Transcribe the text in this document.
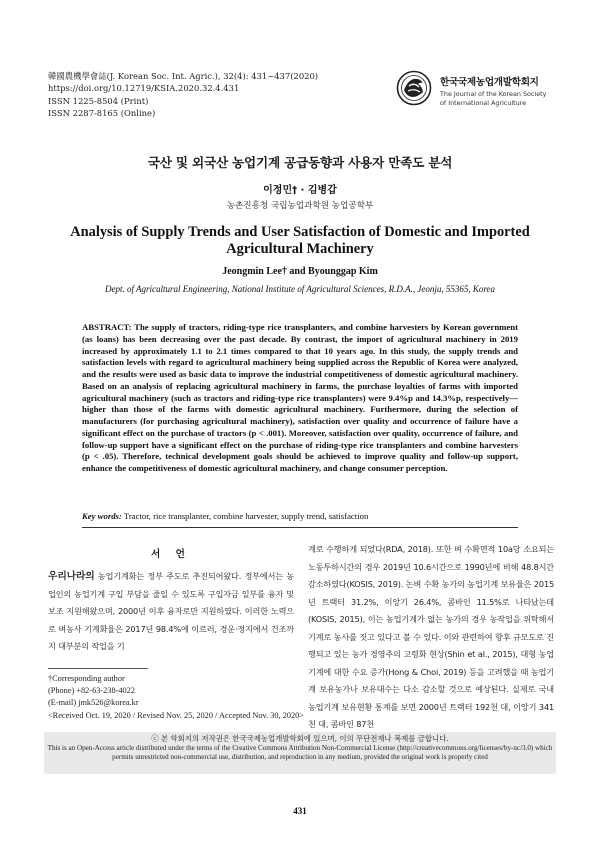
韓國農機學會誌(J. Korean Soc. Int. Agric.), 32(4): 431~437(2020)
https://doi.org/10.12719/KSIA.2020.32.4.431
ISSN 1225-8504 (Print)
ISSN 2287-8165 (Online)
한국국제농업개발학회지
The Journal of the Korean Society
of International Agriculture
국산 및 외국산 농업기계 공급동향과 사용자 만족도 분석
이정민† · 김병갑
농촌진흥청 국립농업과학원 농업공학부
Analysis of Supply Trends and User Satisfaction of Domestic and Imported Agricultural Machinery
Jeongmin Lee† and Byounggap Kim
Dept. of Agricultural Engineering, National Institute of Agricultural Sciences, R.D.A., Jeonju, 55365, Korea
ABSTRACT: The supply of tractors, riding-type rice transplanters, and combine harvesters by Korean government (as loans) has been decreasing over the past decade. By contrast, the import of agricultural machinery in 2019 increased by approximately 1.1 to 2.1 times compared to that 10 years ago. In this study, the supply trends and satisfaction levels with regard to agricultural machinery being supplied across the Republic of Korea were analyzed, and the results were used as basic data to improve the industrial competitiveness of domestic agricultural machinery. Based on an analysis of replacing agricultural machinery in farms, the purchase loyalties of farms with imported agricultural machinery (such as tractors and riding-type rice transplanters) were 9.4%p and 14.3%p, respectively—higher than those of the farms with domestic agricultural machinery. Furthermore, during the selection of manufacturers (for purchasing agricultural machinery), satisfaction over quality and occurrence of failure have a significant effect on the purchase of tractors (p < .001). Moreover, satisfaction over quality, occurrence of failure, and follow-up support have a significant effect on the purchase of riding-type rice transplanters and combine harvesters (p < .05). Therefore, technical development goals should be achieved to improve quality and follow-up support, enhance the competitiveness of domestic agricultural machinery, and change consumer perception.
Key words: Tractor, rice transplanter, combine harvester, supply trend, satisfaction
서 언
우리나라의 농업기계화는 정부 주도로 추진되어왔다. 정부에서는 농업인의 농업기계 구입 부담을 줄일 수 있도록 구입자금 일부를 융자 및 보조 지원해왔으며, 2000년 이후 융자로만 지원하였다. 이러한 노력으로 벼농사 기계화율은 2017년 98.4%에 이르러, 경운·정지에서 건조까지 대부분의 작업을 기
계로 수행하게 되었다(RDA, 2018). 또한 벼 수확면적 10a당 소요되는 노동투하시간의 경우 2019년 10.6시간으로 1990년에 비해 48.8시간 감소하였다(KOSIS, 2019). 논벼 수확 농가의 농업기계 보유율은 2015년 트랙터 31.2%, 이앙기 26.4%, 콤바인 11.5%로 나타났는데(KOSIS, 2015), 이는 농업기계가 없는 농가의 경우 농작업을 위탁해서 기계로 농사를 짓고 있다고 볼 수 있다. 이와 관련하여 향후 규모도로 진행되고 있는 농가 경영주의 고령화 현상(Shin et al., 2015), 대형 농업기계에 대한 수요 증가(Hong & Choi, 2019) 등을 고려했을 때 농업기계 보유농가나 보유대수는 다소 감소할 것으로 예상된다. 실제로 국내 농업기계 보유현황 통계를 보면 2000년 트랙터 192천 대, 이앙기 341천 대, 콤바인 87천
†Corresponding author
(Phone) +82-63-238-4022
(E-mail) jmk526@korea.kr
<Received Oct. 19, 2020 / Revised Nov. 25, 2020 / Accepted Nov. 30, 2020>
ⓒ 본 학회지의 저작권은 한국국제농업개발학회에 있으며, 이의 무단전재나 복제를 금합니다.
This is an Open-Access article distributed under the terms of the Creative Commons Attribution Non-Commercial License (http://creativecommons.org/licenses/by-nc/3.0) which
permits unrestricted non-commercial use, distribution, and reproduction in any medium, provided the original work is properly cited
431
